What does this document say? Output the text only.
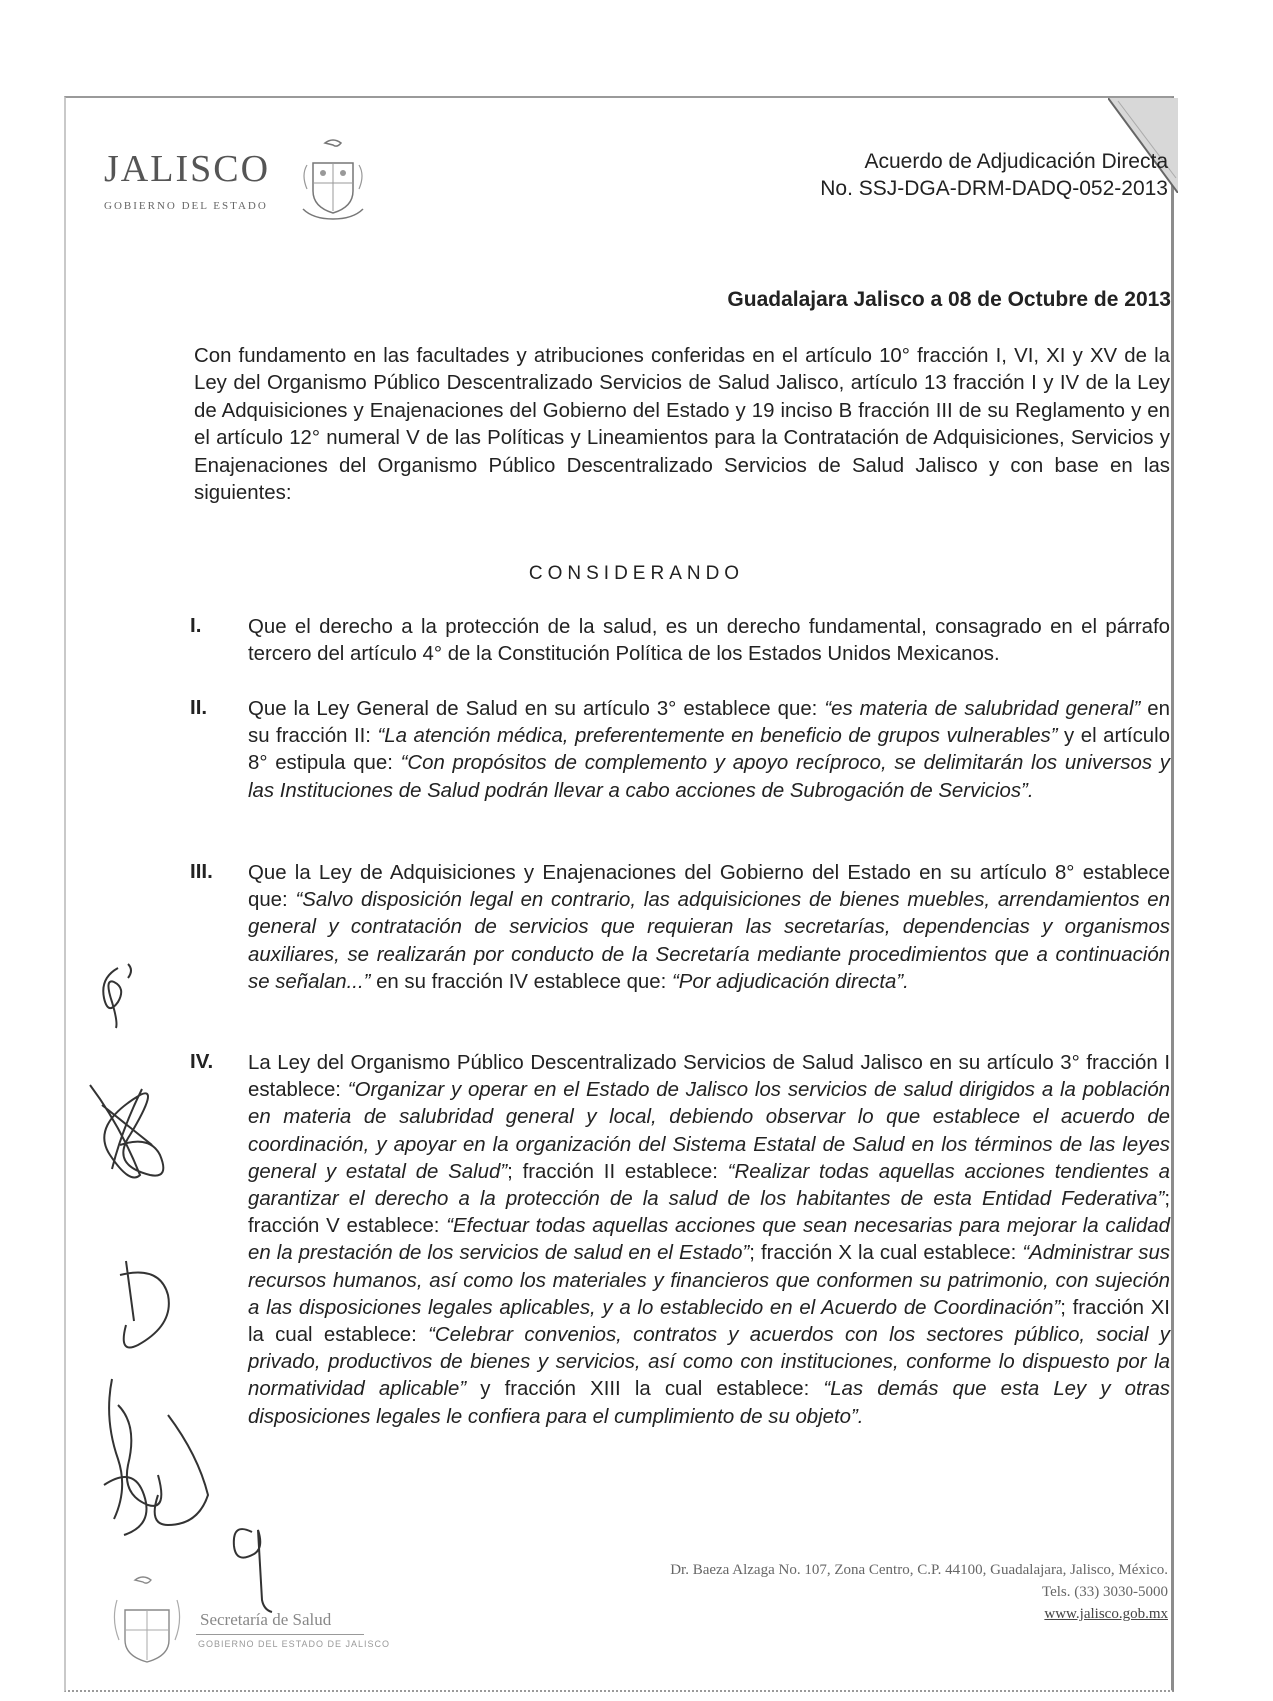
JALISCO
GOBIERNO DEL ESTADO
Acuerdo de Adjudicación Directa
No. SSJ-DGA-DRM-DADQ-052-2013
Guadalajara Jalisco a 08 de Octubre de 2013
Con fundamento en las facultades y atribuciones conferidas en el artículo 10° fracción I, VI, XI y XV de la Ley del Organismo Público Descentralizado Servicios de Salud Jalisco, artículo 13 fracción I y IV de la Ley de Adquisiciones y Enajenaciones del Gobierno del Estado y 19 inciso B fracción III de su Reglamento y en el artículo 12° numeral V de las Políticas y Lineamientos para la Contratación de Adquisiciones, Servicios y Enajenaciones del Organismo Público Descentralizado Servicios de Salud Jalisco y con base en las siguientes:
CONSIDERANDO
I. Que el derecho a la protección de la salud, es un derecho fundamental, consagrado en el párrafo tercero del artículo 4° de la Constitución Política de los Estados Unidos Mexicanos.
II. Que la Ley General de Salud en su artículo 3° establece que: “es materia de salubridad general” en su fracción II: “La atención médica, preferentemente en beneficio de grupos vulnerables” y el artículo 8° estipula que: “Con propósitos de complemento y apoyo recíproco, se delimitarán los universos y las Instituciones de Salud podrán llevar a cabo acciones de Subrogación de Servicios”.
III. Que la Ley de Adquisiciones y Enajenaciones del Gobierno del Estado en su artículo 8° establece que: “Salvo disposición legal en contrario, las adquisiciones de bienes muebles, arrendamientos en general y contratación de servicios que requieran las secretarías, dependencias y organismos auxiliares, se realizarán por conducto de la Secretaría mediante procedimientos que a continuación se señalan...” en su fracción IV establece que: “Por adjudicación directa”.
IV. La Ley del Organismo Público Descentralizado Servicios de Salud Jalisco en su artículo 3° fracción I establece: “Organizar y operar en el Estado de Jalisco los servicios de salud dirigidos a la población en materia de salubridad general y local, debiendo observar lo que establece el acuerdo de coordinación, y apoyar en la organización del Sistema Estatal de Salud en los términos de las leyes general y estatal de Salud”; fracción II establece: “Realizar todas aquellas acciones tendientes a garantizar el derecho a la protección de la salud de los habitantes de esta Entidad Federativa”; fracción V establece: “Efectuar todas aquellas acciones que sean necesarias para mejorar la calidad en la prestación de los servicios de salud en el Estado”; fracción X la cual establece: “Administrar sus recursos humanos, así como los materiales y financieros que conformen su patrimonio, con sujeción a las disposiciones legales aplicables, y a lo establecido en el Acuerdo de Coordinación”; fracción XI la cual establece: “Celebrar convenios, contratos y acuerdos con los sectores público, social y privado, productivos de bienes y servicios, así como con instituciones, conforme lo dispuesto por la normatividad aplicable” y fracción XIII la cual establece: “Las demás que esta Ley y otras disposiciones legales le confiera para el cumplimiento de su objeto”.
Secretaría de Salud
GOBIERNO DEL ESTADO DE JALISCO
Dr. Baeza Alzaga No. 107, Zona Centro, C.P. 44100, Guadalajara, Jalisco, México.
Tels. (33) 3030-5000
www.jalisco.gob.mx
